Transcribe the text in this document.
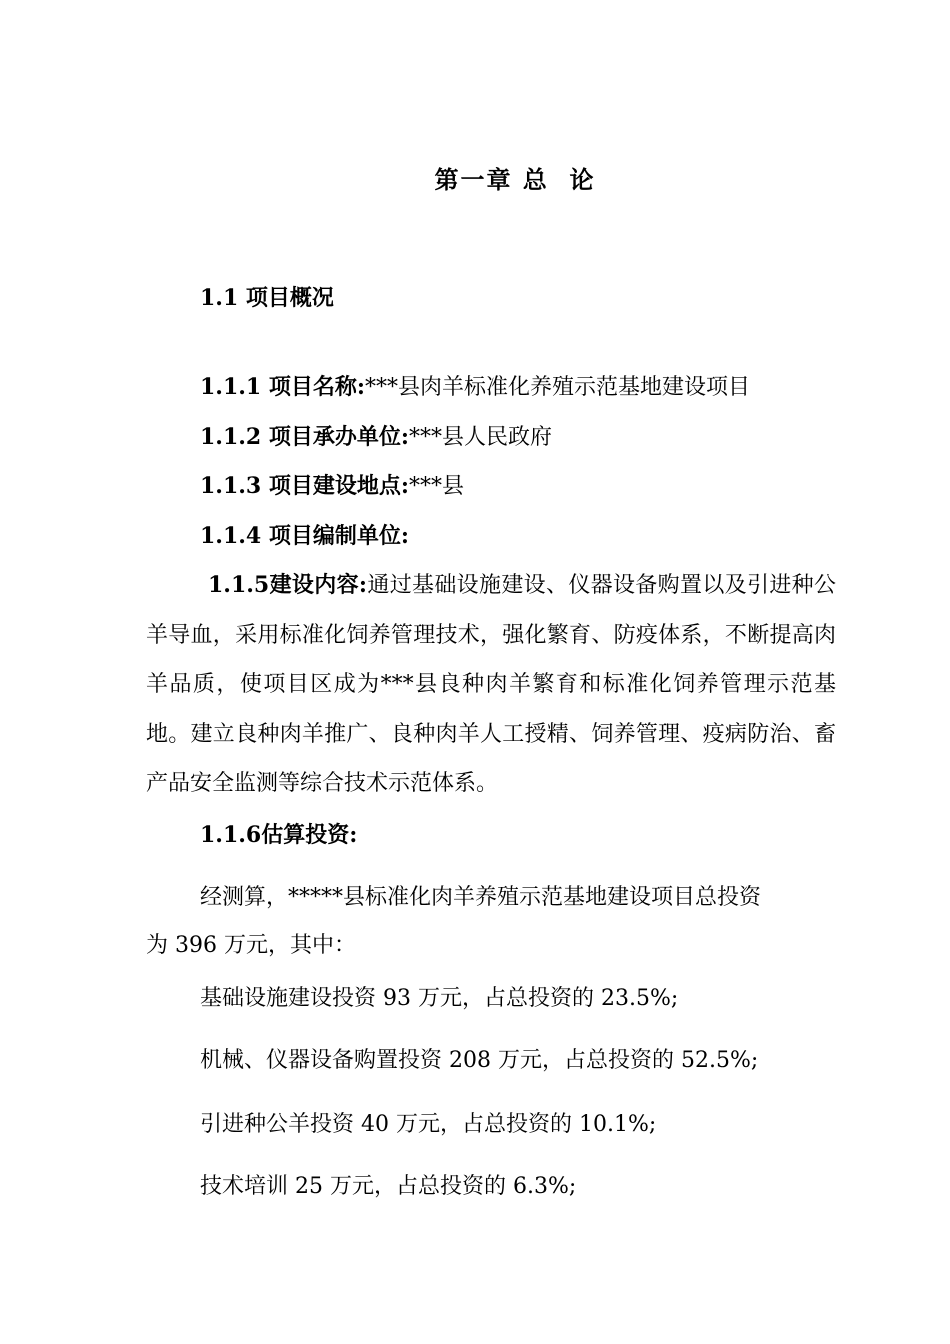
第一章 总  论
1.1 项目概况
1.1.1 项目名称:***县肉羊标准化养殖示范基地建设项目
1.1.2 项目承办单位:***县人民政府
1.1.3 项目建设地点:***县
1.1.4 项目编制单位:
1.1.5建设内容:通过基础设施建设、仪器设备购置以及引进种公羊导血，采用标准化饲养管理技术，强化繁育、防疫体系，不断提高肉羊品质，使项目区成为***县良种肉羊繁育和标准化饲养管理示范基地。建立良种肉羊推广、良种肉羊人工授精、饲养管理、疫病防治、畜产品安全监测等综合技术示范体系。
1.1.6估算投资:
经测算，*****县标准化肉羊养殖示范基地建设项目总投资
为 396 万元，其中：
基础设施建设投资 93 万元，占总投资的 23.5%;
机械、仪器设备购置投资 208 万元，占总投资的 52.5%;
引进种公羊投资 40 万元，占总投资的 10.1%;
技术培训 25 万元，占总投资的 6.3%;
